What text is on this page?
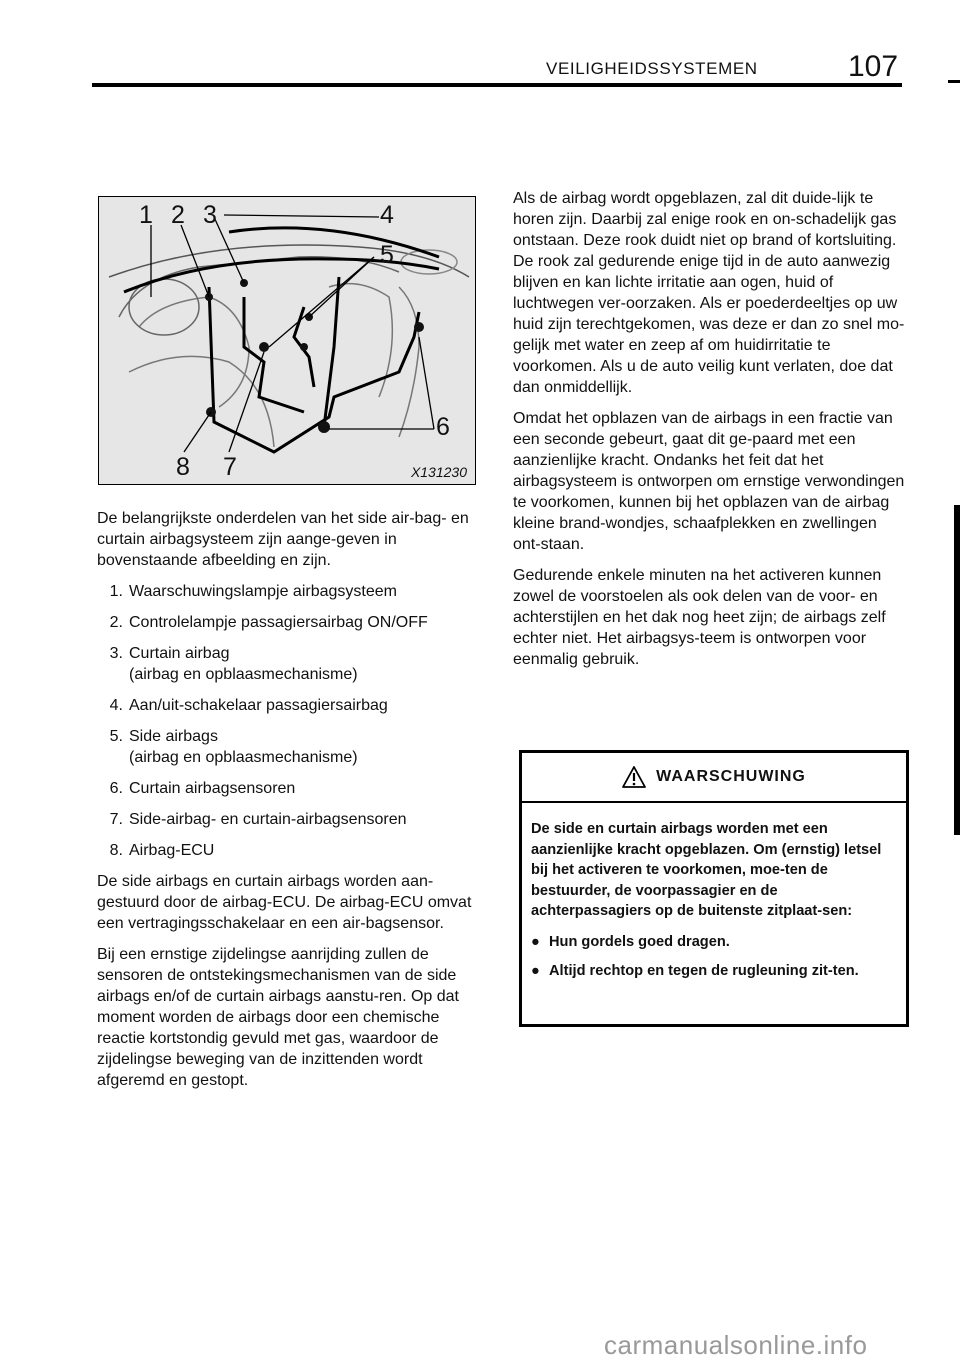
VEILIGHEIDSSYSTEMEN	107
1 2 3	4
5
6
7
8	X131230

De belangrijkste onderdelen van het side air-bag‑ en curtain airbagsysteem zijn aange-geven in bovenstaande afbeelding en zijn.

1. Waarschuwingslampje airbagsysteem
2. Controlelampje passagiersairbag ON/OFF
3. Curtain airbag
(airbag en opblaasmechanisme)
4. Aan/uit‑schakelaar passagiersairbag
5. Side airbags
(airbag en opblaasmechanisme)
6. Curtain airbagsensoren
7. Side‑airbag‑ en curtain‑airbagsensoren
8. Airbag‑ECU

De side airbags en curtain airbags worden aan-gestuurd door de airbag‑ECU. De airbag‑ECU omvat een vertragingsschakelaar en een air-bagsensor.

Bij een ernstige zijdelingse aanrijding zullen de sensoren de ontstekingsmechanismen van de side airbags en/of de curtain airbags aanstu-ren. Op dat moment worden de airbags door een chemische reactie kortstondig gevuld met gas, waardoor de zijdelingse beweging van de inzittenden wordt afgeremd en gestopt.

Als de airbag wordt opgeblazen, zal dit duide-lijk te horen zijn. Daarbij zal enige rook en on-schadelijk gas ontstaan. Deze rook duidt niet op brand of kortsluiting. De rook zal gedurende enige tijd in de auto aanwezig blijven en kan lichte irritatie aan ogen, huid of luchtwegen ver-oorzaken. Als er poederdeeltjes op uw huid zijn terechtgekomen, was deze er dan zo snel mo-gelijk met water en zeep af om huidirritatie te voorkomen. Als u de auto veilig kunt verlaten, doe dat dan onmiddellijk.

Omdat het opblazen van de airbags in een fractie van een seconde gebeurt, gaat dit ge-paard met een aanzienlijke kracht. Ondanks het feit dat het airbagsysteem is ontworpen om ernstige verwondingen te voorkomen, kunnen bij het opblazen van de airbag kleine brand-wondjes, schaafplekken en zwellingen ont-staan.

Gedurende enkele minuten na het activeren kunnen zowel de voorstoelen als ook delen van de voor‑ en achterstijlen en het dak nog heet zijn; de airbags zelf echter niet. Het airbagsys-teem is ontworpen voor eenmalig gebruik.

WAARSCHUWING

De side en curtain airbags worden met een aanzienlijke kracht opgeblazen. Om (ernstig) letsel bij het activeren te voorkomen, moe-ten de bestuurder, de voorpassagier en de achterpassagiers op de buitenste zitplaat-sen:

● Hun gordels goed dragen.
● Altijd rechtop en tegen de rugleuning zit-ten.
carmanualsonline.info
